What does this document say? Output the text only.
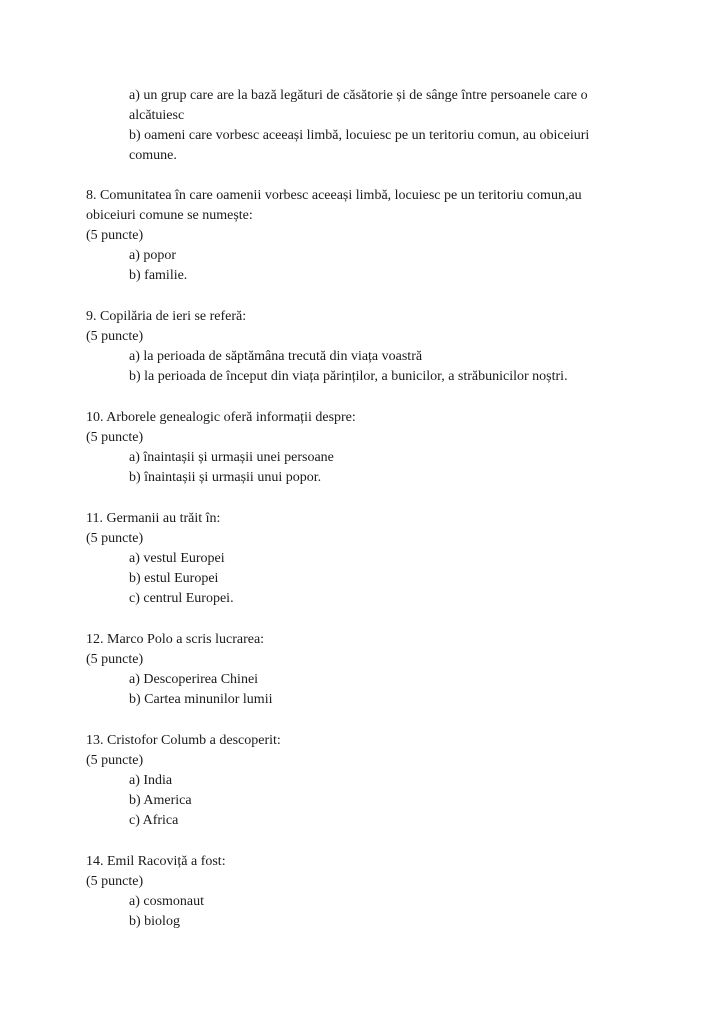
a) un grup care are la bază legături de căsătorie și de sânge între persoanele care o
alcătuiesc
b) oameni care vorbesc aceeași limbă, locuiesc pe un teritoriu comun, au obiceiuri
comune.
8. Comunitatea în care oamenii vorbesc aceeași limbă, locuiesc pe un teritoriu comun,au
obiceiuri comune se numește:
(5 puncte)
a) popor
b) familie.
9. Copilăria de ieri se referă:
(5 puncte)
a) la perioada de săptămâna trecută din viața voastră
b) la perioada de început din viața părinților, a bunicilor, a străbunicilor noștri.
10. Arborele genealogic oferă informații despre:
(5 puncte)
a) înaintașii și urmașii unei persoane
b) înaintașii și urmașii unui popor.
11. Germanii au trăit în:
(5 puncte)
a) vestul Europei
b) estul Europei
c) centrul Europei.
12. Marco Polo a scris lucrarea:
(5 puncte)
a) Descoperirea Chinei
b) Cartea minunilor lumii
13. Cristofor Columb a descoperit:
(5 puncte)
a) India
b) America
c) Africa
14. Emil Racoviță a fost:
(5 puncte)
a) cosmonaut
b) biolog
